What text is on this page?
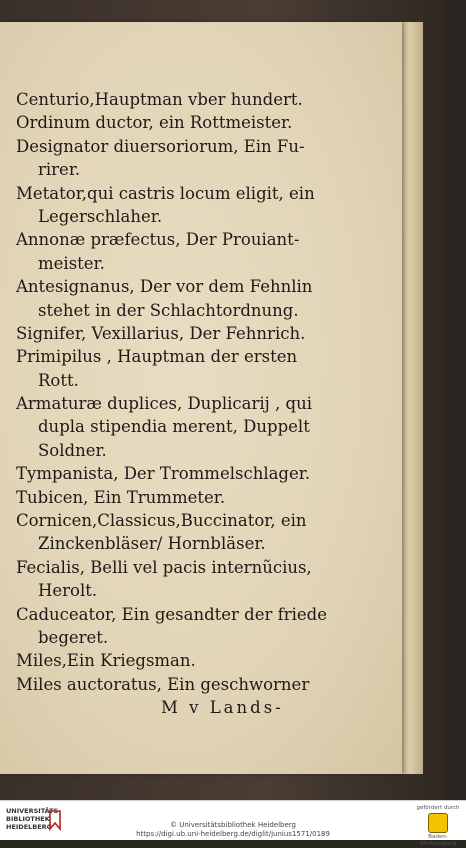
Centurio,Hauptman vber hundert.
Ordinum ductor, ein Rottmeister.
Designator diuersoriorum, Ein Fu-
rirer.
Metator,qui castris locum eligit, ein
Legerschlaher.
Annonæ præfectus, Der Prouiant-
meister.
Antesignanus, Der vor dem Fehnlin
stehet in der Schlachtordnung.
Signifer, Vexillarius, Der Fehnrich.
Primipilus , Hauptman der ersten
Rott.
Armaturæ duplices, Duplicarij , qui
dupla stipendia merent, Duppelt
Soldner.
Tympanista, Der Trommelschlager.
Tubicen, Ein Trummeter.
Cornicen,Classicus,Buccinator, ein
Zinckenbläser/ Hornbläser.
Fecialis, Belli vel pacis internũcius,
Herolt.
Caduceator, Ein gesandter der friede
begeret.
Miles,Ein Kriegsman.
Miles auctoratus, Ein geschworner
M v Lands-
UNIVERSITÄTS BIBLIOTHEK HEIDELBERG	© Universitätsbibliothek Heidelberg
https://digi.ub.uni-heidelberg.de/diglit/junius1571/0189
gefördert durch
Baden-Württemberg
